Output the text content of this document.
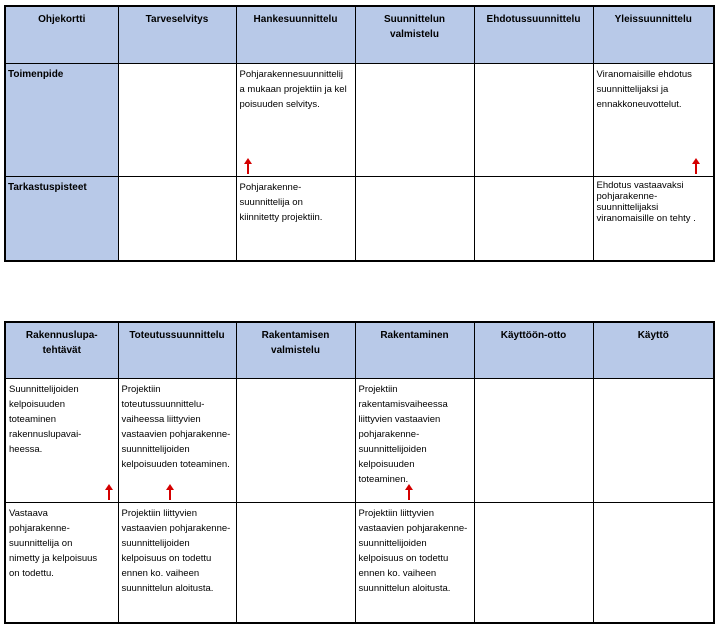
Ohjekortti	Tarveselvitys	Hankesuunnittelu	Suunnittelun valmistelu	Ehdotussuunnittelu	Yleissuunnittelu
Toimenpide		Pohjarakennesuunnittelija mukaan projektiin ja kelpoisuuden selvitys.			Viranomaisille ehdotus suunnittelijaksi ja ennakkoneuvottelut.

Tarkastuspisteet		Pohjarakenne-suunnittelija on kiinnitetty projektiin.			Ehdotus vastaavaksi pohjarakenne-suunnittelijaksi viranomaisille on tehty .
Rakennuslupa-tehtävät	Toteutussuunnittelu	Rakentamisen valmistelu	Rakentaminen	Käyttöön-otto	Käyttö

Suunnittelijoiden kelpoisuuden toteaminen rakennuslupavai-heessa.	Projektiin toteutussuunnittelu-vaiheessa liittyvien vastaavien pohjarakenne-suunnittelijoiden kelpoisuuden toteaminen.		Projektiin rakentamisvaiheessa liittyvien vastaavien pohjarakenne-suunnittelijoiden kelpoisuuden toteaminen.		

Vastaava pohjarakenne-suunnittelija on nimetty ja kelpoisuus on todettu.	Projektiin liittyvien vastaavien pohjarakenne-suunnittelijoiden kelpoisuus on todettu ennen ko. vaiheen suunnittelun aloitusta.		Projektiin liittyvien vastaavien pohjarakenne-suunnittelijoiden kelpoisuus on todettu ennen ko. vaiheen suunnittelun aloitusta.		
